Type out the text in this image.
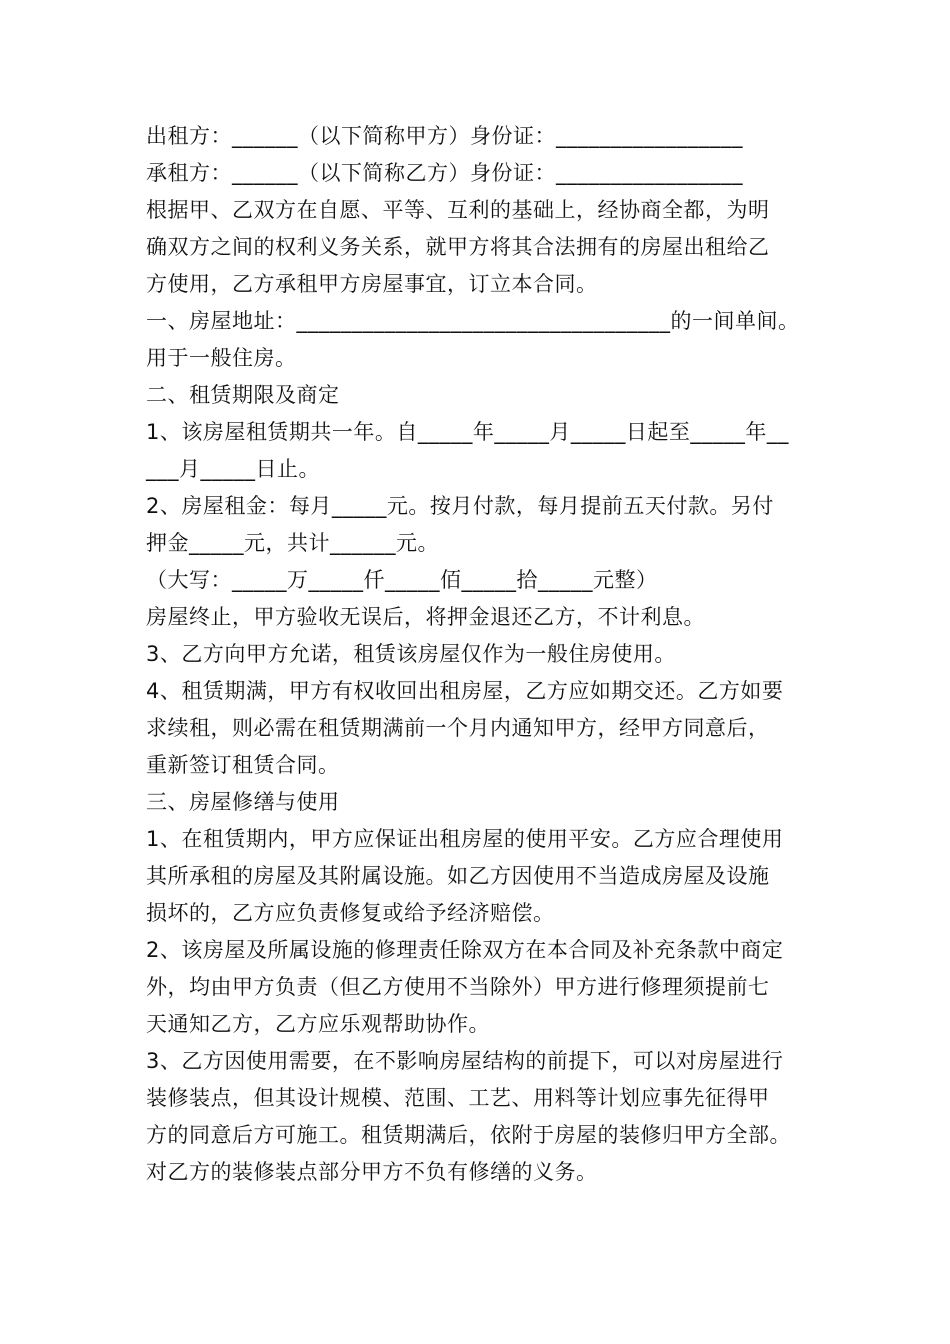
出租方：______（以下简称甲方）身份证：_________________
承租方：______（以下简称乙方）身份证：_________________
根据甲、乙双方在自愿、平等、互利的基础上，经协商全都，为明
确双方之间的权利义务关系，就甲方将其合法拥有的房屋出租给乙
方使用，乙方承租甲方房屋事宜，订立本合同。
一、房屋地址：__________________________________的一间单间。
用于一般住房。
二、租赁期限及商定
1、该房屋租赁期共一年。自_____年_____月_____日起至_____年__
___月_____日止。
2、房屋租金：每月_____元。按月付款，每月提前五天付款。另付
押金_____元，共计______元。
（大写：_____万_____仟_____佰_____拾_____元整）
房屋终止，甲方验收无误后，将押金退还乙方，不计利息。
3、乙方向甲方允诺，租赁该房屋仅作为一般住房使用。
4、租赁期满，甲方有权收回出租房屋，乙方应如期交还。乙方如要
求续租，则必需在租赁期满前一个月内通知甲方，经甲方同意后，
重新签订租赁合同。
三、房屋修缮与使用
1、在租赁期内，甲方应保证出租房屋的使用平安。乙方应合理使用
其所承租的房屋及其附属设施。如乙方因使用不当造成房屋及设施
损坏的，乙方应负责修复或给予经济赔偿。
2、该房屋及所属设施的修理责任除双方在本合同及补充条款中商定
外，均由甲方负责（但乙方使用不当除外）甲方进行修理须提前七
天通知乙方，乙方应乐观帮助协作。
3、乙方因使用需要，在不影响房屋结构的前提下，可以对房屋进行
装修装点，但其设计规模、范围、工艺、用料等计划应事先征得甲
方的同意后方可施工。租赁期满后，依附于房屋的装修归甲方全部。
对乙方的装修装点部分甲方不负有修缮的义务。
